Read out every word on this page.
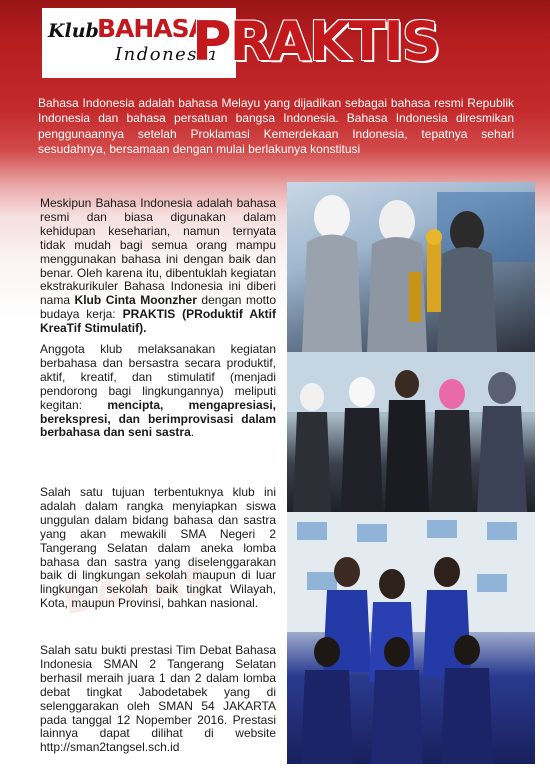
Klub
BAHASA
Indonesia
PRAKTIS
Bahasa Indonesia adalah bahasa Melayu yang dijadikan sebagai bahasa resmi Republik Indonesia dan bahasa persatuan bangsa Indonesia. Bahasa Indonesia diresmikan penggunaannya setelah Proklamasi Kemerdekaan Indonesia, tepatnya sehari sesudahnya, bersamaan dengan mulai berlakunya konstitusi
BAHASA

Meskipun Bahasa Indonesia adalah bahasa resmi dan biasa digunakan dalam kehidupan keseharian, namun ternyata tidak mudah bagi semua orang mampu menggunakan bahasa ini dengan baik dan benar. Oleh karena itu, dibentuklah kegiatan ekstrakurikuler Bahasa Indonesia ini diberi nama Klub Cinta Moonzher dengan motto budaya kerja: PRAKTIS (PRoduktif Aktif KreaTif Stimulatif).

Anggota klub melaksanakan kegiatan berbahasa dan bersastra secara produktif, aktif, kreatif, dan stimulatif (menjadi pendorong bagi lingkungannya) meliputi kegitan: mencipta, mengapresiasi, berekspresi, dan berimprovisasi dalam berbahasa dan seni sastra.

Salah satu tujuan terbentuknya klub ini adalah dalam rangka menyiapkan siswa unggulan dalam bidang bahasa dan sastra yang akan mewakili SMA Negeri 2 Tangerang Selatan dalam aneka lomba bahasa dan sastra yang diselenggarakan baik di lingkungan sekolah maupun di luar lingkungan sekolah baik tingkat Wilayah, Kota, maupun Provinsi, bahkan nasional.

Salah satu bukti prestasi Tim Debat Bahasa Indonesia SMAN 2 Tangerang Selatan berhasil meraih juara 1 dan 2 dalam lomba debat tingkat Jabodetabek yang di selenggarakan oleh SMAN 54 JAKARTA pada tanggal 12 Nopember 2016. Prestasi lainnya dapat dilihat di website http://sman2tangsel.sch.id
